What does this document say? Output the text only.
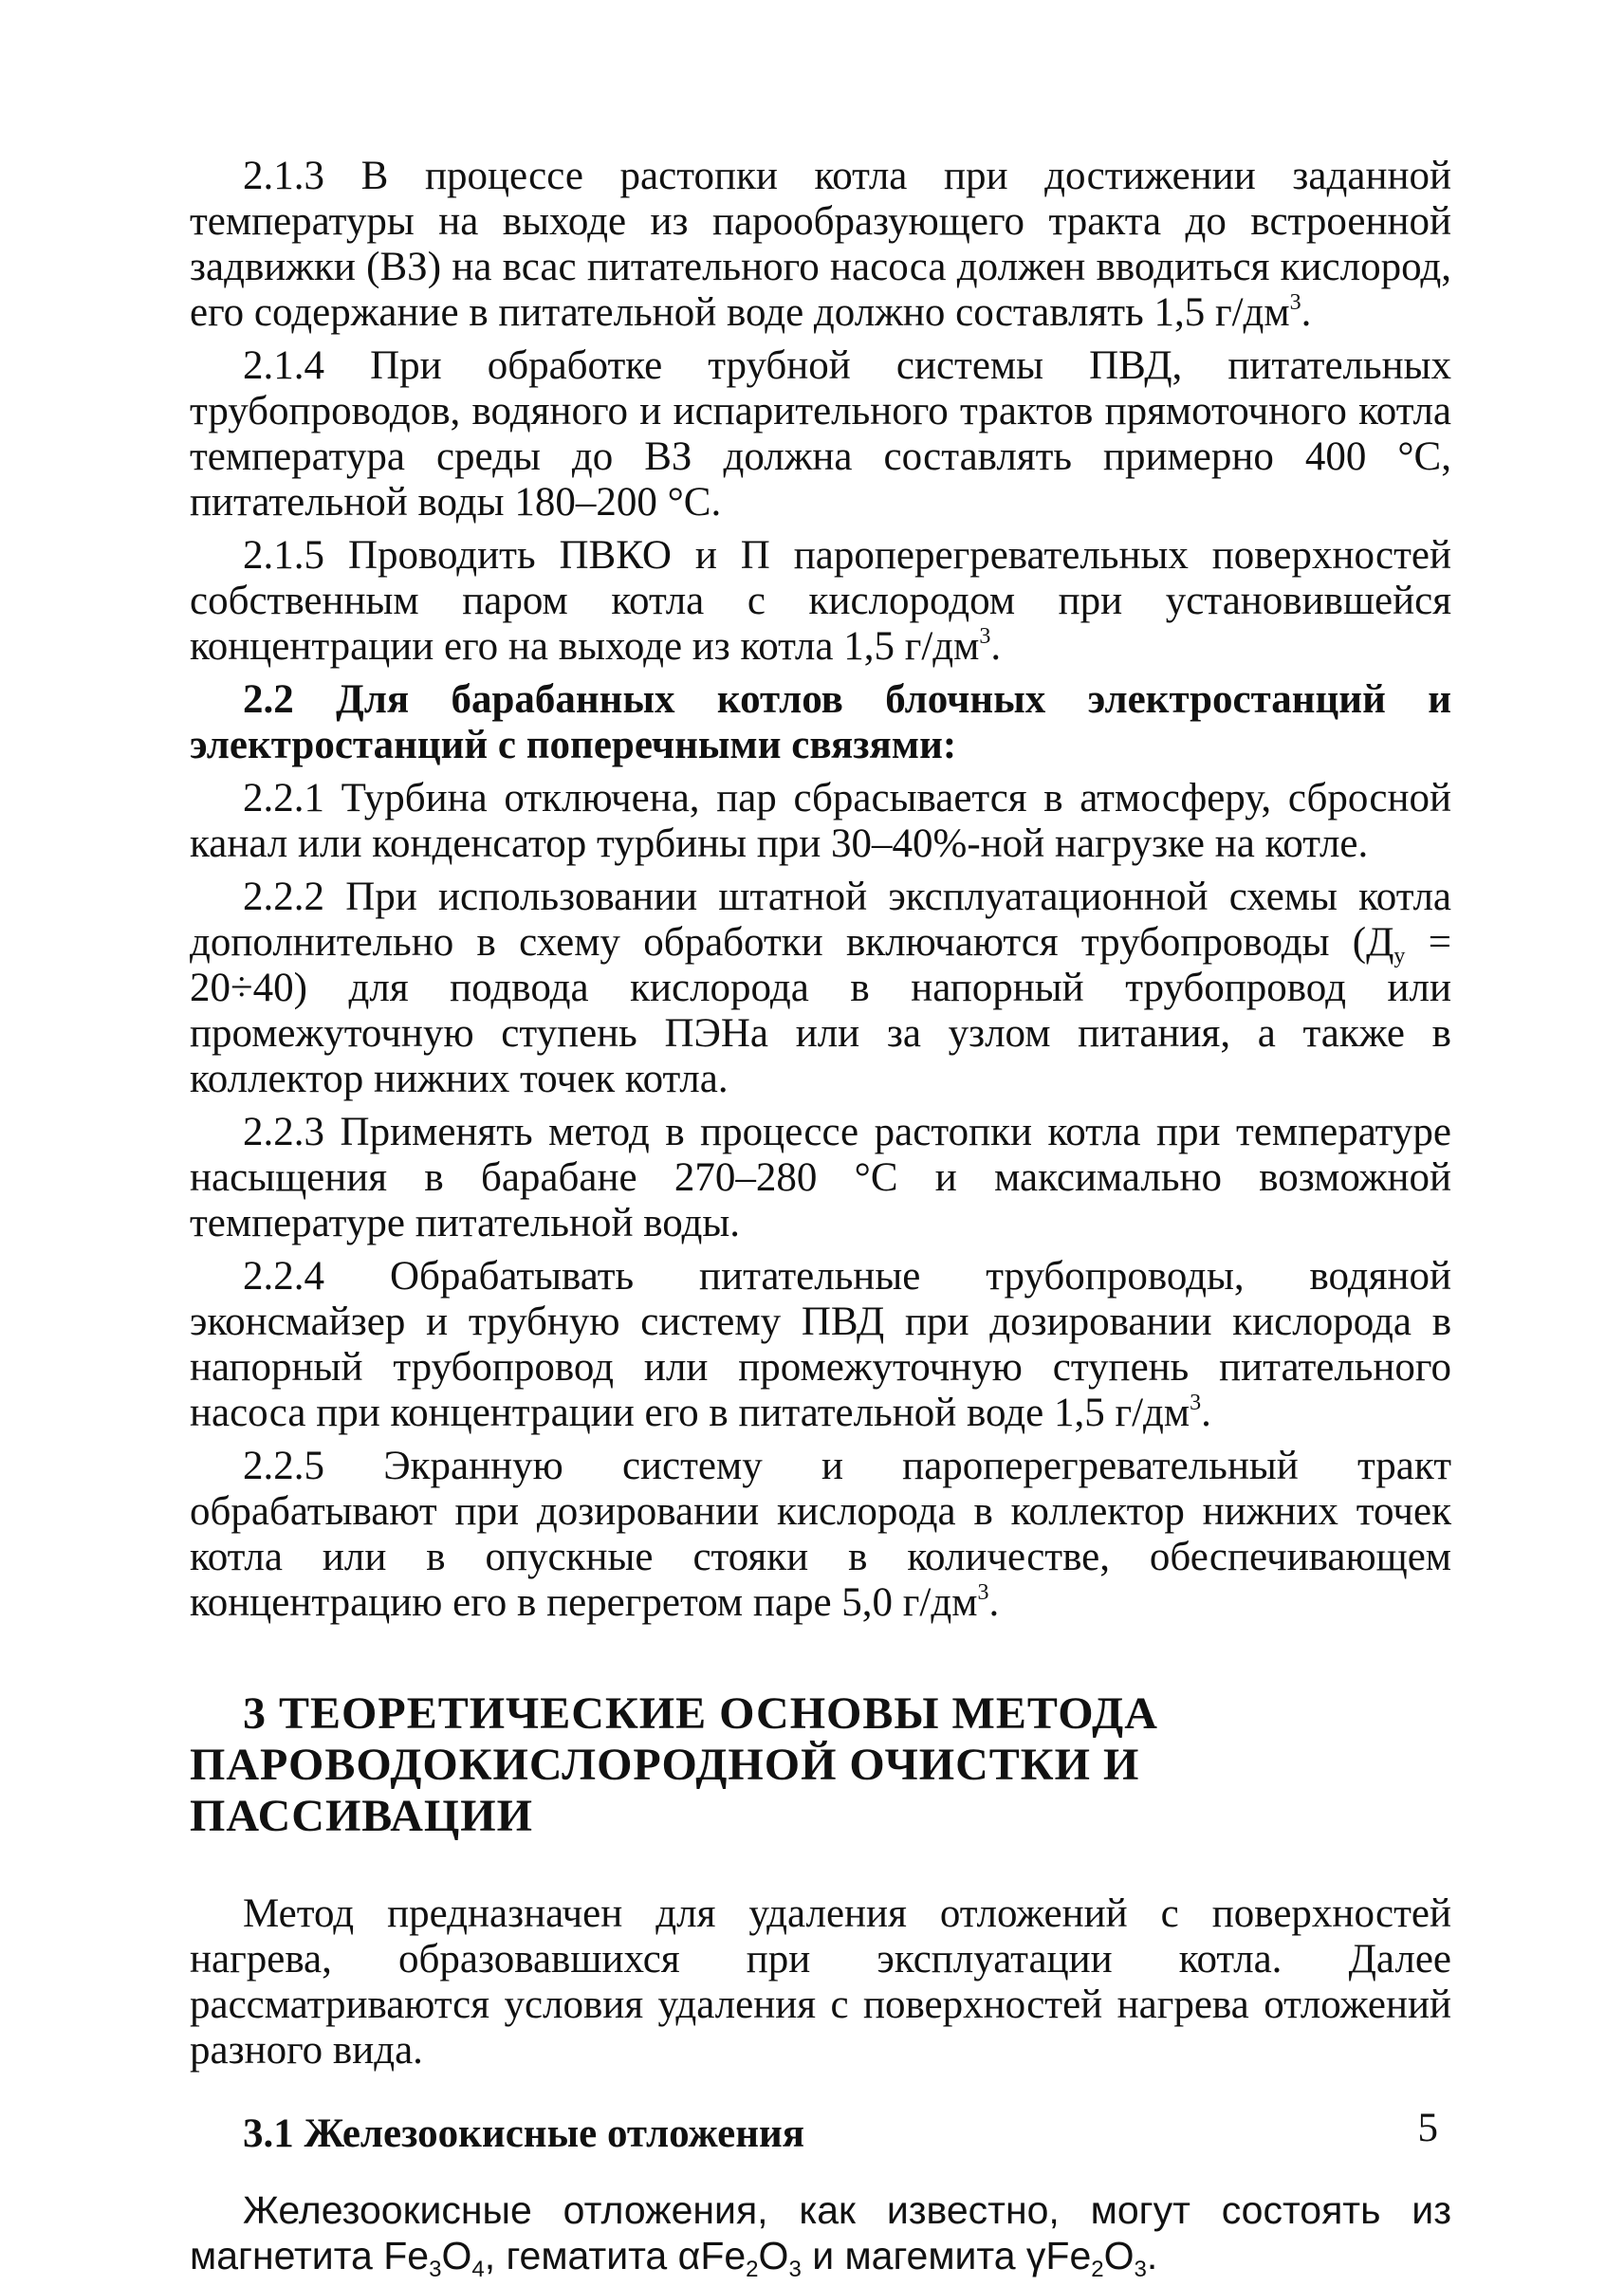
2.1.3 В процессе растопки котла при достижении заданной температуры на выходе из парообразующего тракта до встроенной задвижки (ВЗ) на всас питательного насоса должен вводиться кислород, его содержание в питательной воде должно составлять 1,5 $г/дм^3$.

2.1.4 При обработке трубной системы ПВД, питательных трубопроводов, водяного и испарительного трактов прямоточного котла температура среды до ВЗ должна составлять примерно 400 °С, питательной воды 180–200 °С.

2.1.5 Проводить ПВКО и П пароперегревательных поверхностей собственным паром котла с кислородом при установившейся концентрации его на выходе из котла 1,5 $г/дм^3$.

2.2 Для барабанных котлов блочных электростанций и электростанций с поперечными связями:

2.2.1 Турбина отключена, пар сбрасывается в атмосферу, сбросной канал или конденсатор турбины при 30–40%-ной нагрузке на котле.

2.2.2 При использовании штатной эксплуатационной схемы котла дополнительно в схему обработки включаются трубопроводы $(Д_у = 20\div 40)$ для подвода кислорода в напорный трубопровод или промежуточную ступень ПЭНа или за узлом питания, а также в коллектор нижних точек котла.

2.2.3 Применять метод в процессе растопки котла при температуре насыщения в барабане 270–280 °С и максимально возможной температуре питательной воды.

2.2.4 Обрабатывать питательные трубопроводы, водяной эконсмайзер и трубную систему ПВД при дозировании кислорода в напорный трубопровод или промежуточную ступень питательного насоса при концентрации его в питательной воде 1,5 $г/дм^3$.

2.2.5 Экранную систему и пароперегревательный тракт обрабатывают при дозировании кислорода в коллектор нижних точек котла или в опускные стояки в количестве, обеспечивающем концентрацию его в перегретом паре 5,0 $г/дм^3$.

3 ТЕОРЕТИЧЕСКИЕ ОСНОВЫ МЕТОДА
ПАРОВОДОКИСЛОРОДНОЙ ОЧИСТКИ И ПАССИВАЦИИ

Метод предназначен для удаления отложений с поверхностей нагрева, образовавшихся при эксплуатации котла. Далее рассматриваются условия удаления с поверхностей нагрева отложений разного вида.

3.1 Железоокисные отложения

Железоокисные отложения, как известно, могут состоять из магнетита $Fe_3O_4$, гематита $\alpha Fe_2O_3$ и магемита $\gamma Fe_2O_3$.

5
